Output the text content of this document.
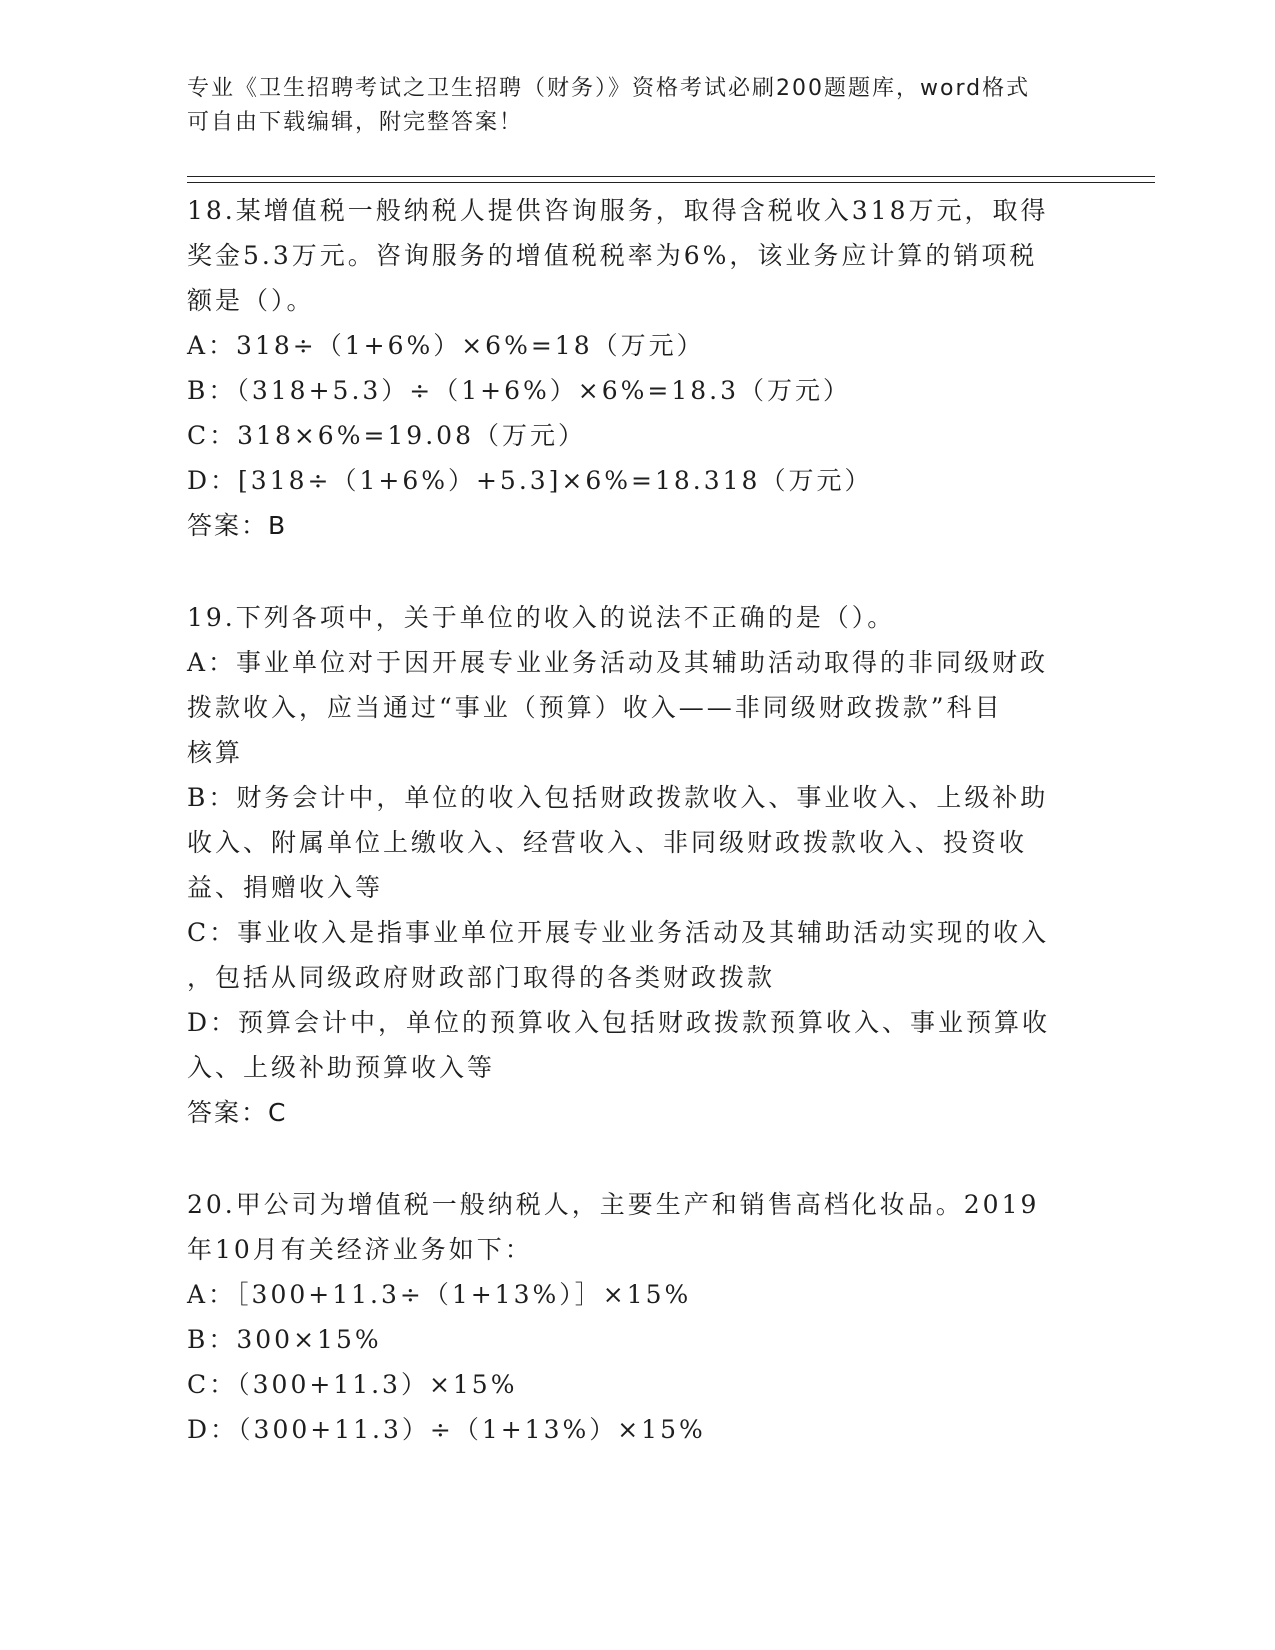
专业《卫生招聘考试之卫生招聘（财务）》资格考试必刷200题题库，word格式
可自由下载编辑，附完整答案！
18.某增值税一般纳税人提供咨询服务，取得含税收入318万元，取得
奖金5.3万元。咨询服务的增值税税率为6%，该业务应计算的销项税
额是（）。
A：318÷（1+6%）×6%=18（万元）
B：（318+5.3）÷（1+6%）×6%=18.3（万元）
C：318×6%=19.08（万元）
D：[318÷（1+6%）+5.3]×6%=18.318（万元）
答案：B
19.下列各项中，关于单位的收入的说法不正确的是（）。
A：事业单位对于因开展专业业务活动及其辅助活动取得的非同级财政
拨款收入，应当通过“事业（预算）收入——非同级财政拨款”科目
核算
B：财务会计中，单位的收入包括财政拨款收入、事业收入、上级补助
收入、附属单位上缴收入、经营收入、非同级财政拨款收入、投资收
益、捐赠收入等
C：事业收入是指事业单位开展专业业务活动及其辅助活动实现的收入
，包括从同级政府财政部门取得的各类财政拨款
D：预算会计中，单位的预算收入包括财政拨款预算收入、事业预算收
入、上级补助预算收入等
答案：C
20.甲公司为增值税一般纳税人，主要生产和销售高档化妆品。2019
年10月有关经济业务如下：
A：［300+11.3÷（1+13%）］×15%
B：300×15%
C：（300+11.3）×15%
D：（300+11.3）÷（1+13%）×15%
